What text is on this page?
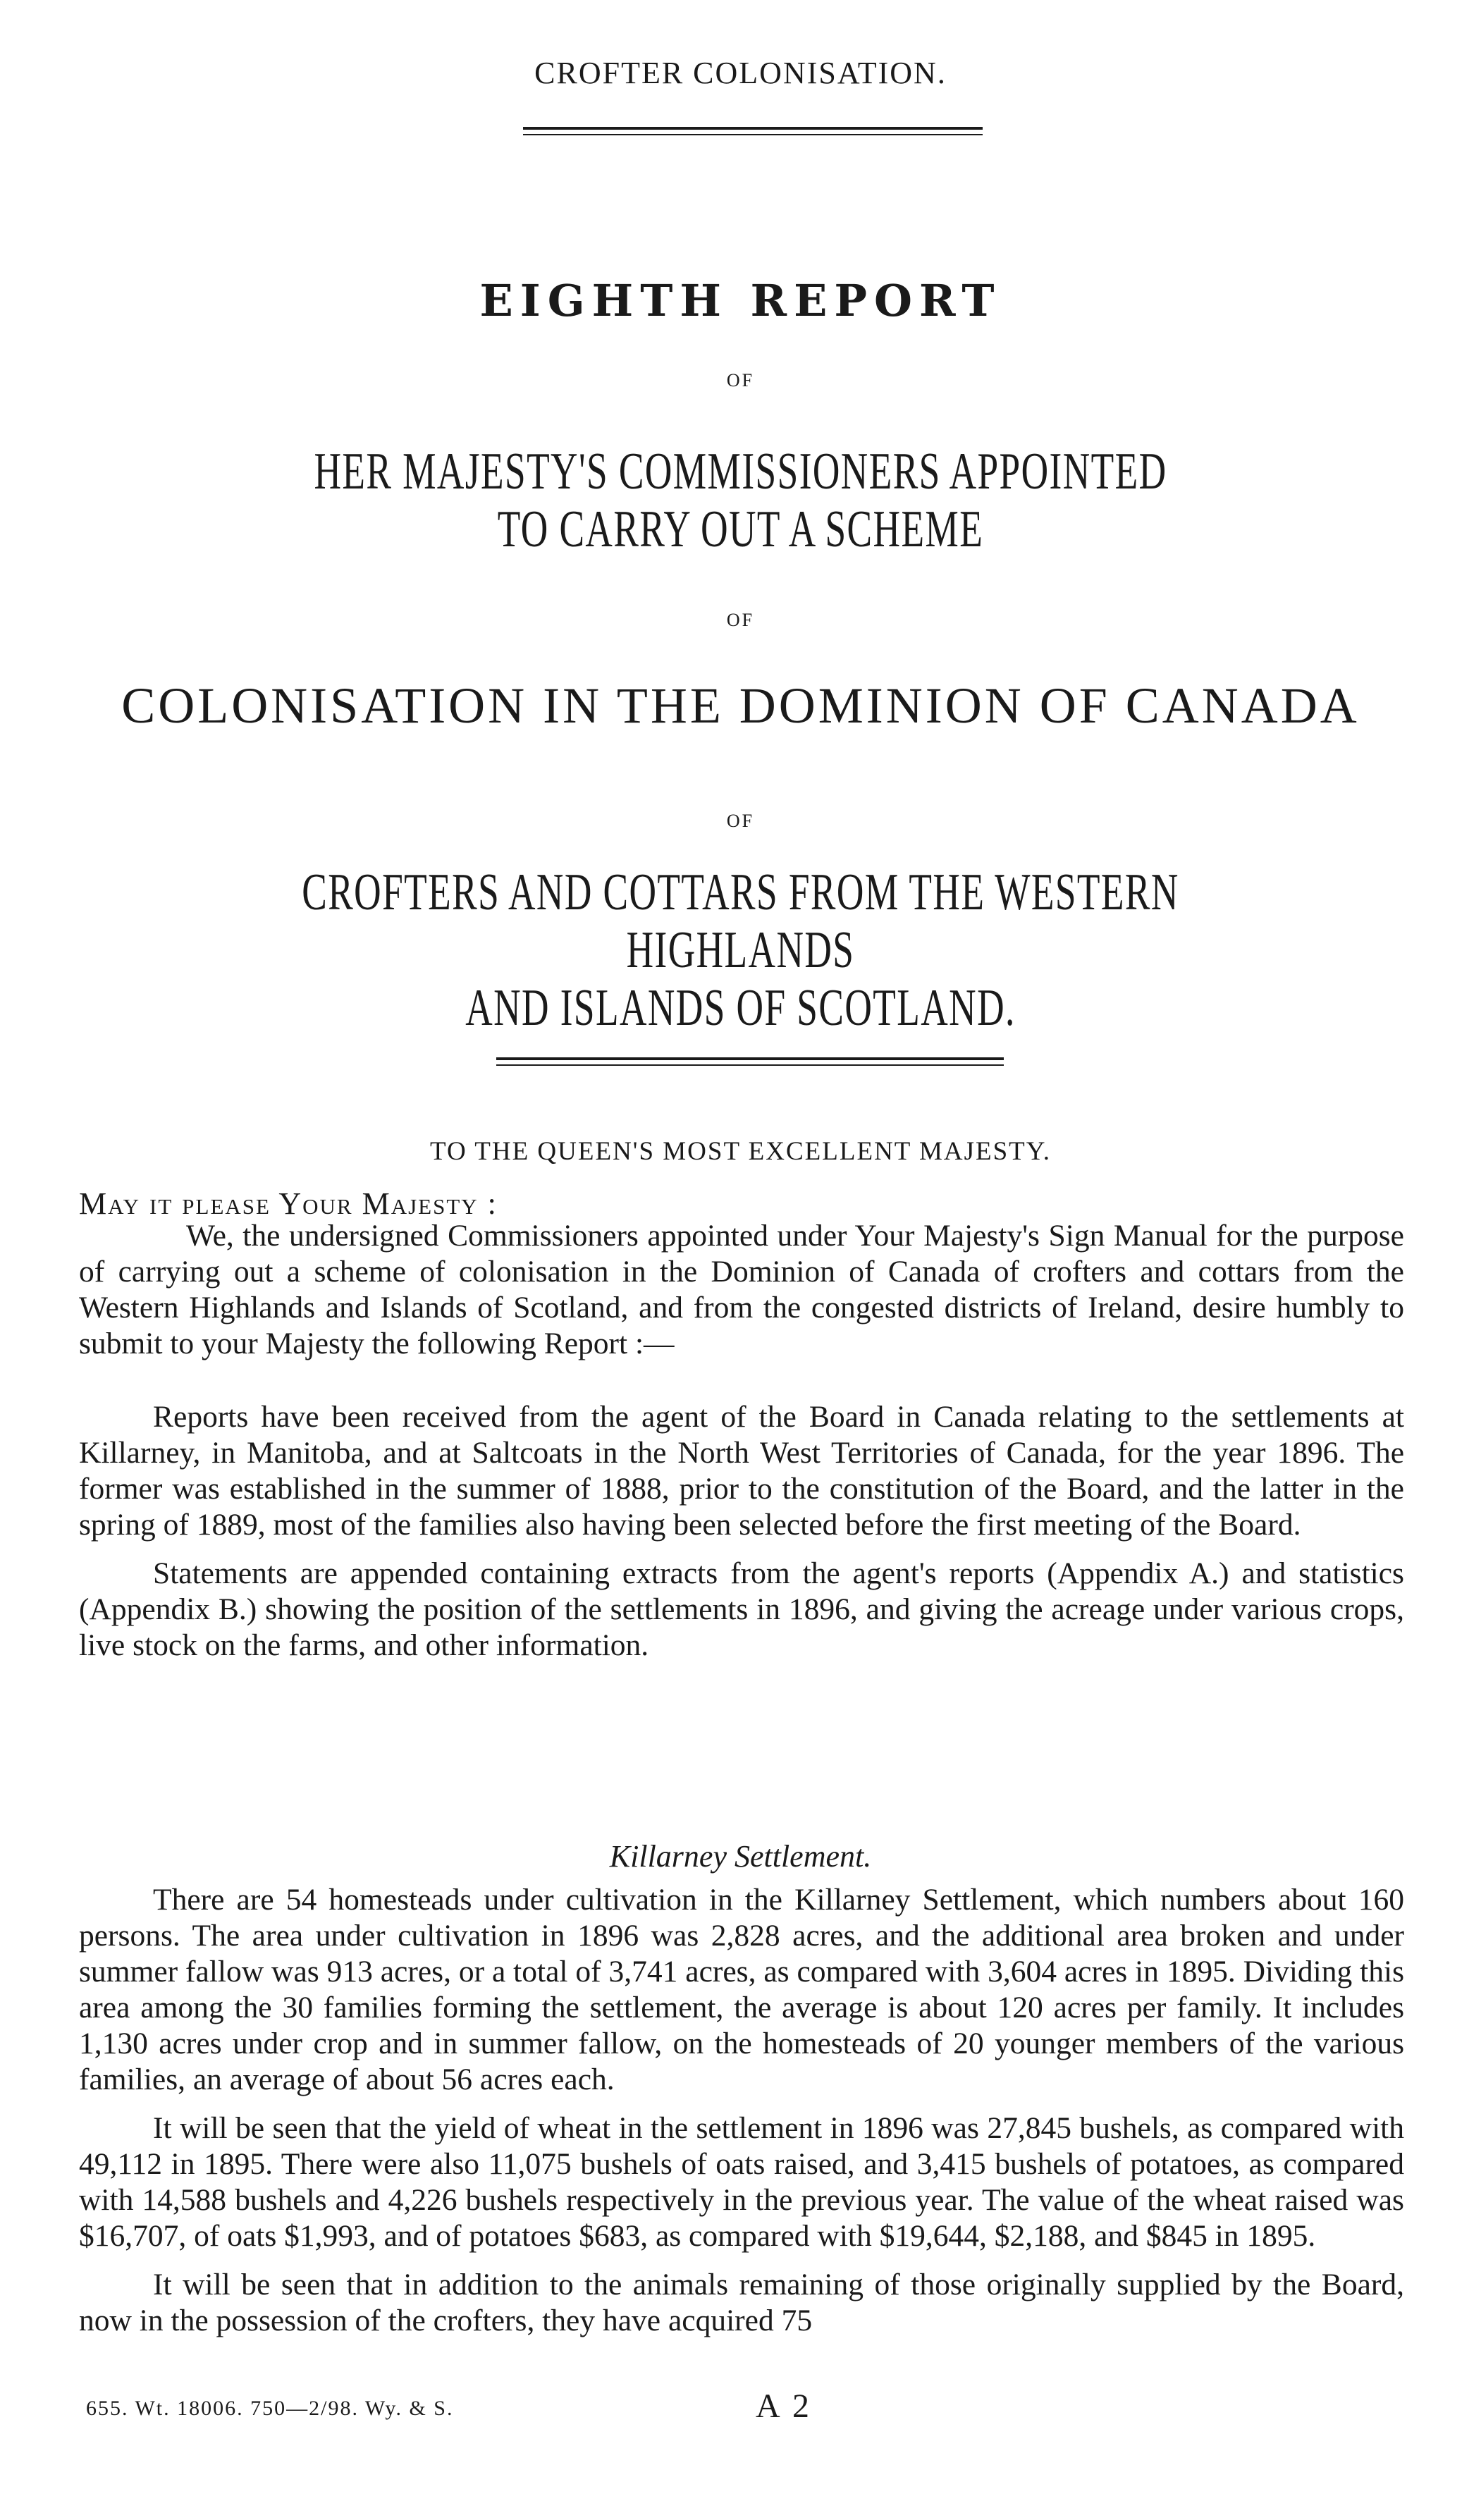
CROFTER COLONISATION.
EIGHTH REPORT
OF
HER MAJESTY'S COMMISSIONERS APPOINTED
TO CARRY OUT A SCHEME
OF
COLONISATION IN THE DOMINION OF CANADA
OF
CROFTERS AND COTTARS FROM THE WESTERN HIGHLANDS
AND ISLANDS OF SCOTLAND.
TO THE QUEEN'S MOST EXCELLENT MAJESTY.
May it please Your Majesty :

We, the undersigned Commissioners appointed under Your Majesty's Sign Manual for the purpose of carrying out a scheme of colonisation in the Dominion of Canada of crofters and cottars from the Western Highlands and Islands of Scotland, and from the congested districts of Ireland, desire humbly to submit to your Majesty the following Report :—

Reports have been received from the agent of the Board in Canada relating to the settlements at Killarney, in Manitoba, and at Saltcoats in the North West Territories of Canada, for the year 1896. The former was established in the summer of 1888, prior to the constitution of the Board, and the latter in the spring of 1889, most of the families also having been selected before the first meeting of the Board.

Statements are appended containing extracts from the agent's reports (Appendix A.) and statistics (Appendix B.) showing the position of the settlements in 1896, and giving the acreage under various crops, live stock on the farms, and other information.

Killarney Settlement.

There are 54 homesteads under cultivation in the Killarney Settlement, which numbers about 160 persons. The area under cultivation in 1896 was 2,828 acres, and the additional area broken and under summer fallow was 913 acres, or a total of 3,741 acres, as compared with 3,604 acres in 1895. Dividing this area among the 30 families forming the settlement, the average is about 120 acres per family. It includes 1,130 acres under crop and in summer fallow, on the homesteads of 20 younger members of the various families, an average of about 56 acres each.

It will be seen that the yield of wheat in the settlement in 1896 was 27,845 bushels, as compared with 49,112 in 1895. There were also 11,075 bushels of oats raised, and 3,415 bushels of potatoes, as compared with 14,588 bushels and 4,226 bushels respectively in the previous year. The value of the wheat raised was $16,707, of oats $1,993, and of potatoes $683, as compared with $19,644, $2,188, and $845 in 1895.

It will be seen that in addition to the animals remaining of those originally supplied by the Board, now in the possession of the crofters, they have acquired 75

655. Wt. 18006. 750—2/98. Wy. & S.	A 2
